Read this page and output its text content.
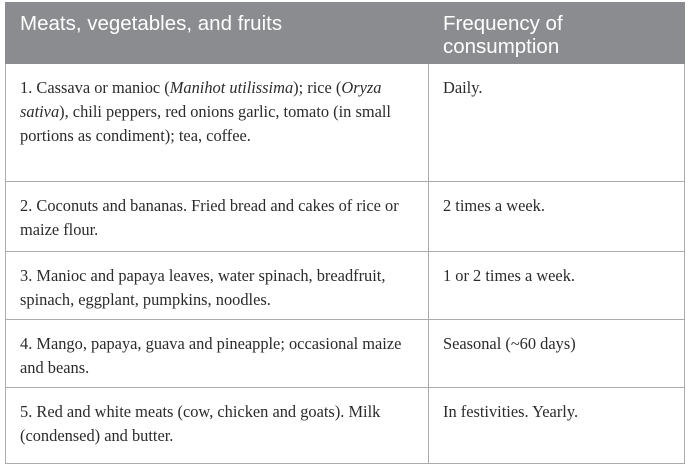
Meats, vegetables, and fruits	Frequency of consumption
1. Cassava or manioc (Manihot utilissima); rice (Oryza sativa), chili peppers, red onions garlic, tomato (in small portions as condiment); tea, coffee.	Daily.
2. Coconuts and bananas. Fried bread and cakes of rice or maize flour.	2 times a week.
3. Manioc and papaya leaves, water spinach, breadfruit, spinach, eggplant, pumpkins, noodles.	1 or 2 times a week.
4. Mango, papaya, guava and pineapple; occasional maize and beans.	Seasonal (~60 days)
5. Red and white meats (cow, chicken and goats). Milk (condensed) and butter.	In festivities. Yearly.
